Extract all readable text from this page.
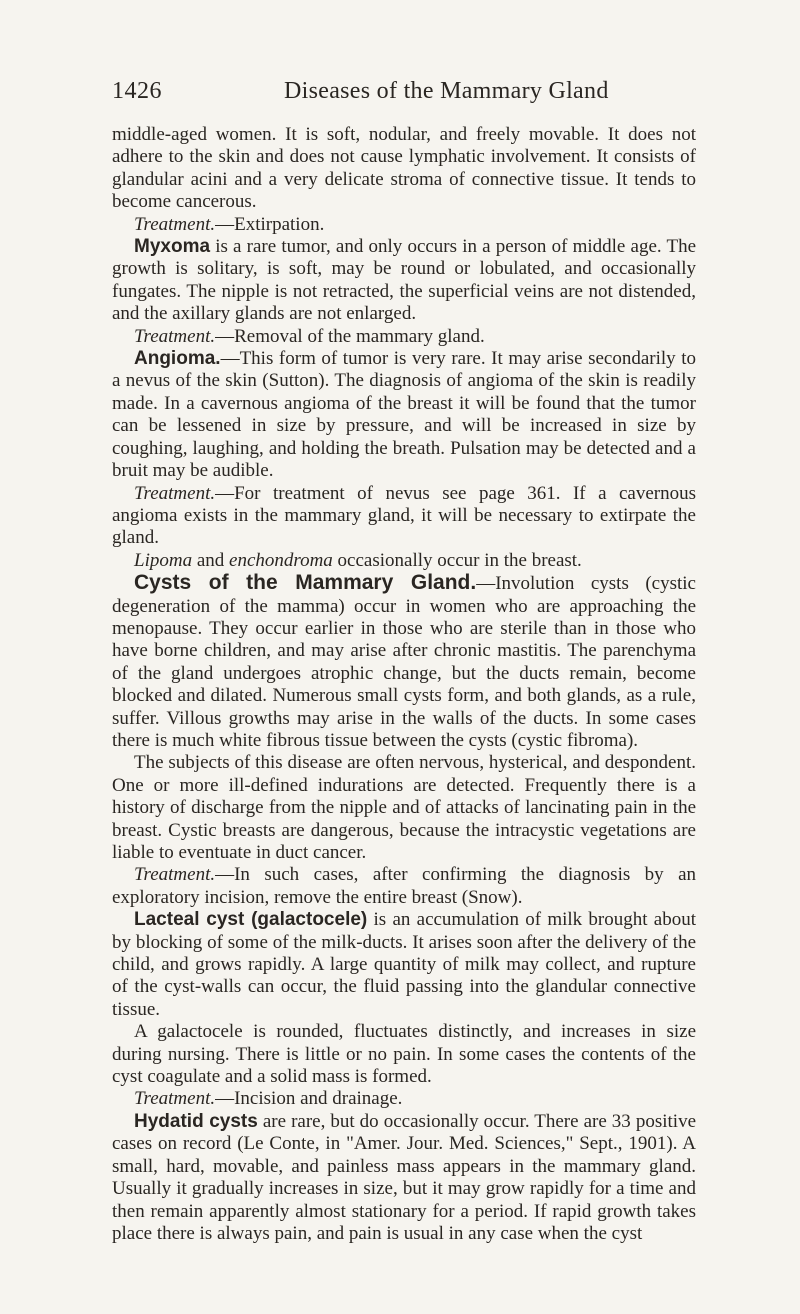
1426	Diseases of the Mammary Gland

middle-aged women. It is soft, nodular, and freely movable. It does not adhere to the skin and does not cause lymphatic involvement. It consists of glandular acini and a very delicate stroma of connective tissue. It tends to become cancerous.

Treatment.—Extirpation.

Myxoma is a rare tumor, and only occurs in a person of middle age. The growth is solitary, is soft, may be round or lobulated, and occasionally fungates. The nipple is not retracted, the superficial veins are not distended, and the axillary glands are not enlarged.

Treatment.—Removal of the mammary gland.

Angioma.—This form of tumor is very rare. It may arise secondarily to a nevus of the skin (Sutton). The diagnosis of angioma of the skin is readily made. In a cavernous angioma of the breast it will be found that the tumor can be lessened in size by pressure, and will be increased in size by coughing, laughing, and holding the breath. Pulsation may be detected and a bruit may be audible.

Treatment.—For treatment of nevus see page 361. If a cavernous angioma exists in the mammary gland, it will be necessary to extirpate the gland.

Lipoma and enchondroma occasionally occur in the breast.

Cysts of the Mammary Gland.—Involution cysts (cystic degeneration of the mamma) occur in women who are approaching the menopause. They occur earlier in those who are sterile than in those who have borne children, and may arise after chronic mastitis. The parenchyma of the gland undergoes atrophic change, but the ducts remain, become blocked and dilated. Numerous small cysts form, and both glands, as a rule, suffer. Villous growths may arise in the walls of the ducts. In some cases there is much white fibrous tissue between the cysts (cystic fibroma).

The subjects of this disease are often nervous, hysterical, and despondent. One or more ill-defined indurations are detected. Frequently there is a history of discharge from the nipple and of attacks of lancinating pain in the breast. Cystic breasts are dangerous, because the intracystic vegetations are liable to eventuate in duct cancer.

Treatment.—In such cases, after confirming the diagnosis by an exploratory incision, remove the entire breast (Snow).

Lacteal cyst (galactocele) is an accumulation of milk brought about by blocking of some of the milk-ducts. It arises soon after the delivery of the child, and grows rapidly. A large quantity of milk may collect, and rupture of the cyst-walls can occur, the fluid passing into the glandular connective tissue.

A galactocele is rounded, fluctuates distinctly, and increases in size during nursing. There is little or no pain. In some cases the contents of the cyst coagulate and a solid mass is formed.

Treatment.—Incision and drainage.

Hydatid cysts are rare, but do occasionally occur. There are 33 positive cases on record (Le Conte, in "Amer. Jour. Med. Sciences," Sept., 1901). A small, hard, movable, and painless mass appears in the mammary gland. Usually it gradually increases in size, but it may grow rapidly for a time and then remain apparently almost stationary for a period. If rapid growth takes place there is always pain, and pain is usual in any case when the cyst
